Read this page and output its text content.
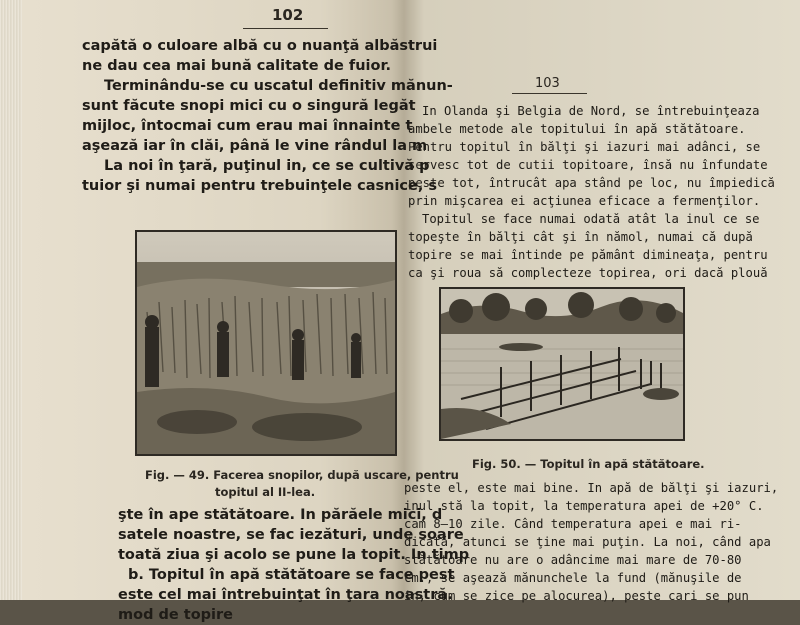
102

capătă o culoare albă cu o nuanţă albăstrui

ne dau cea mai bună calitate de fuior.

Terminându-se cu uscatul definitiv mănun-

sunt făcute snopi mici cu o singură legăt

mijloc, întocmai cum erau mai înnainte t

aşează iar în clăi, până le vine rândul la m

La noi în ţară, puţinul in, ce se cultivă p

tuior şi numai pentru trebuinţele casnice, s

Fig. — 49. Facerea snopilor, după uscare, pentru
topitul al II-lea.

şte în ape stătătoare. In părăele mici, d

satele noastre, se fac iezături, unde soare

toată ziua şi acolo se pune la topit. In timp

b. Topitul în apă stătătoare se face pest

este cel mai întrebuinţat în ţara noastră.

mod de topire

103

In Olanda şi Belgia de Nord, se întrebuinţeaza

ambele metode ale topitului în apă stătătoare.

Pentru topitul în bălţi şi iazuri mai adânci, se

servesc tot de cutii topitoare, însă nu înfundate

peste tot, întrucât apa stând pe loc, nu împiedică

prin mişcarea ei acţiunea eficace a fermenţilor.

Topitul se face numai odată atât la inul ce se

topeşte în bălţi cât şi în nămol, numai că după

topire se mai întinde pe pământ dimineaţa, pentru

ca şi roua să complecteze topirea, ori dacă plouă

Fig. 50. — Topitul în apă stătătoare.

peste el, este mai bine. In apă de bălţi şi iazuri,

inul stă la topit, la temperatura apei de +20° C.

cam 8—10 zile. Când temperatura apei e mai ri-

dicată, atunci se ţine mai puţin. La noi, când apa

stătătoare nu are o adâncime mai mare de 70-80

cm., se aşează mănunchele la fund (mănuşile de

in, cum se zice pe alocurea), peste cari se pun
